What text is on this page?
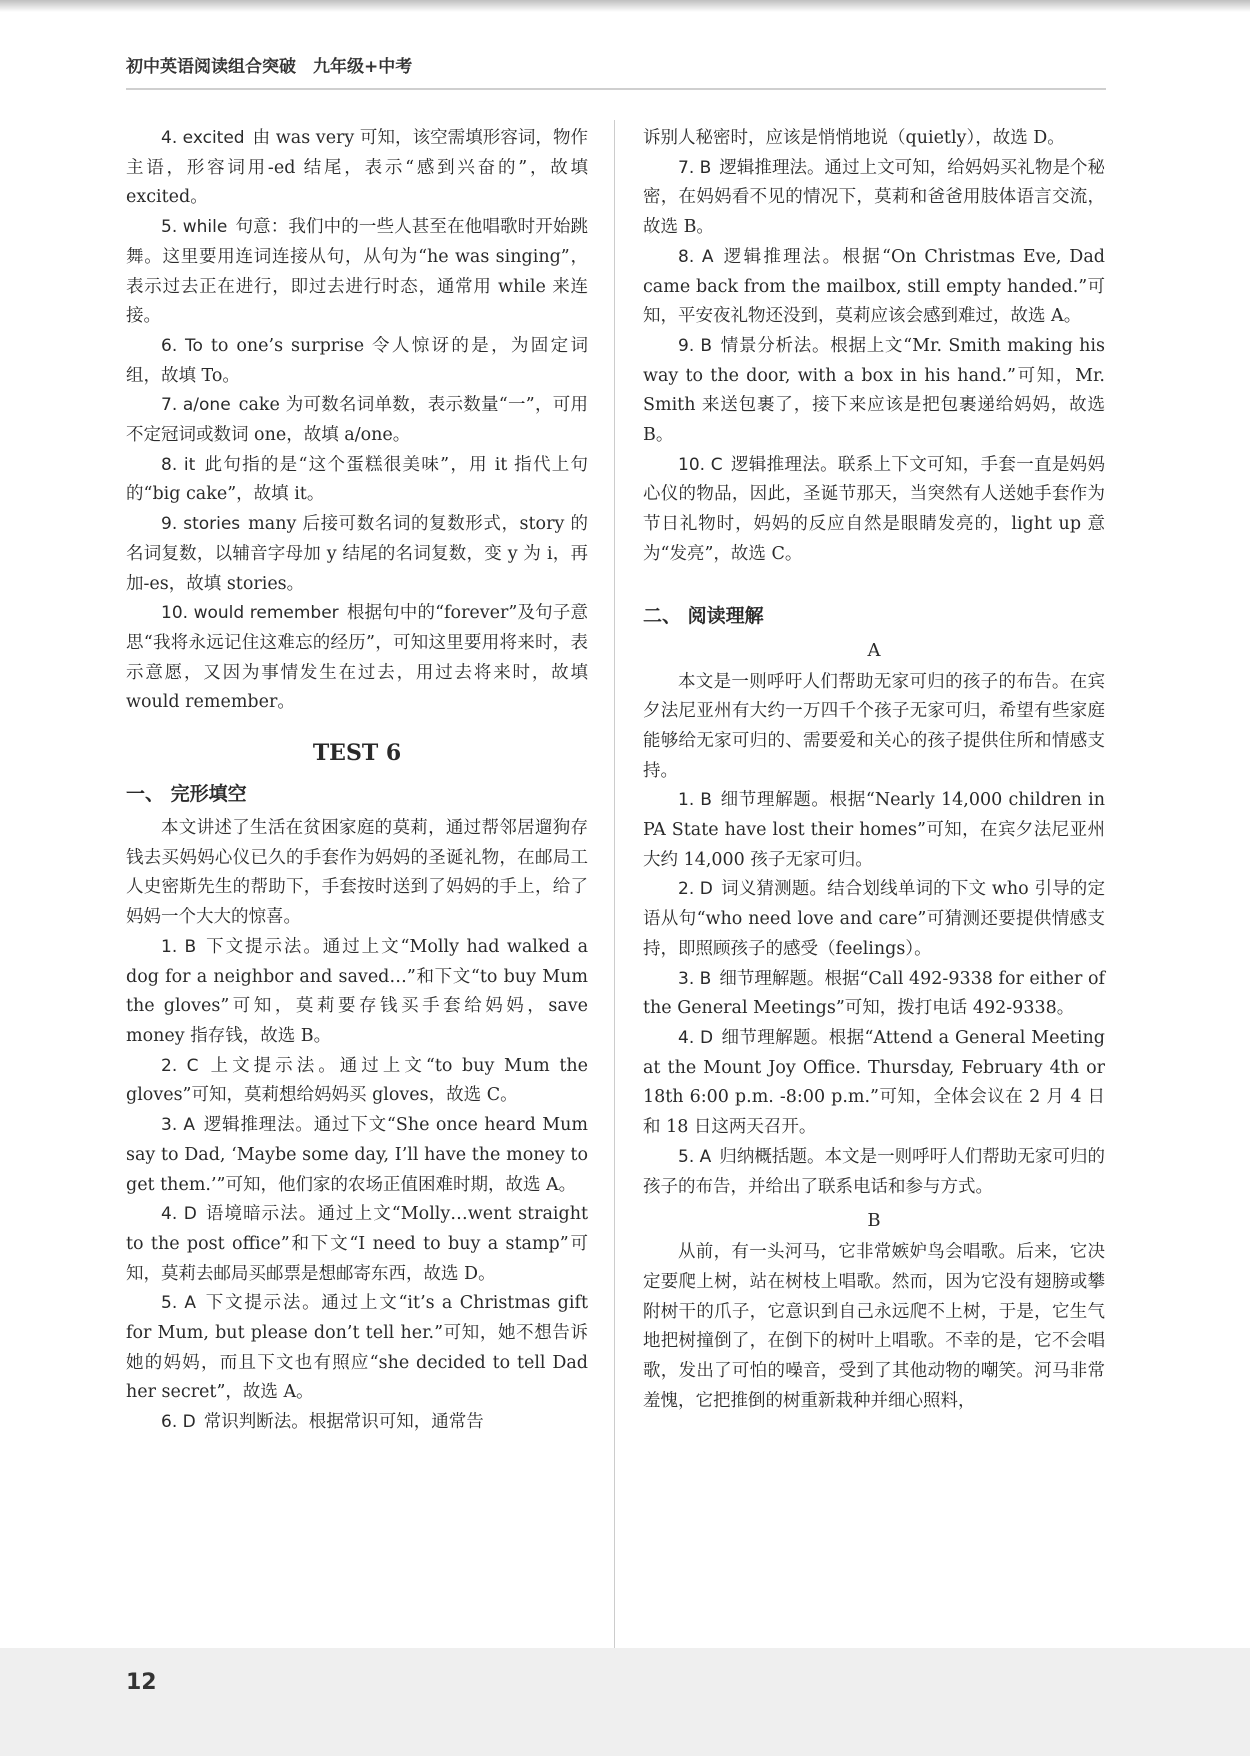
初中英语阅读组合突破　九年级+中考

4. excited 由 was very 可知，该空需填形容词，物作主语，形容词用-ed 结尾，表示“感到兴奋的”，故填 excited。

5. while 句意：我们中的一些人甚至在他唱歌时开始跳舞。这里要用连词连接从句，从句为“he was singing”，表示过去正在进行，即过去进行时态，通常用 while 来连接。

6. To to one’s surprise 令人惊讶的是，为固定词组，故填 To。

7. a/one cake 为可数名词单数，表示数量“一”，可用不定冠词或数词 one，故填 a/one。

8. it 此句指的是“这个蛋糕很美味”，用 it 指代上句的“big cake”，故填 it。

9. stories many 后接可数名词的复数形式，story 的名词复数，以辅音字母加 y 结尾的名词复数，变 y 为 i，再加-es，故填 stories。

10. would remember 根据句中的“forever”及句子意思“我将永远记住这难忘的经历”，可知这里要用将来时，表示意愿，又因为事情发生在过去，用过去将来时，故填 would remember。

TEST 6
一、 完形填空

本文讲述了生活在贫困家庭的莫莉，通过帮邻居遛狗存钱去买妈妈心仪已久的手套作为妈妈的圣诞礼物，在邮局工人史密斯先生的帮助下，手套按时送到了妈妈的手上，给了妈妈一个大大的惊喜。

1. B 下文提示法。通过上文“Molly had walked a dog for a neighbor and saved…”和下文“to buy Mum the gloves”可知，莫莉要存钱买手套给妈妈，save money 指存钱，故选 B。

2. C 上文提示法。通过上文“to buy Mum the gloves”可知，莫莉想给妈妈买 gloves，故选 C。

3. A 逻辑推理法。通过下文“She once heard Mum say to Dad, ‘Maybe some day, I’ll have the money to get them.’”可知，他们家的农场正值困难时期，故选 A。

4. D 语境暗示法。通过上文“Molly…went straight to the post office”和下文“I need to buy a stamp”可知，莫莉去邮局买邮票是想邮寄东西，故选 D。

5. A 下文提示法。通过上文“it’s a Christmas gift for Mum, but please don’t tell her.”可知，她不想告诉她的妈妈，而且下文也有照应“she decided to tell Dad her secret”，故选 A。

6. D 常识判断法。根据常识可知，通常告

诉别人秘密时，应该是悄悄地说（quietly），故选 D。

7. B 逻辑推理法。通过上文可知，给妈妈买礼物是个秘密，在妈妈看不见的情况下，莫莉和爸爸用肢体语言交流，故选 B。

8. A 逻辑推理法。根据“On Christmas Eve, Dad came back from the mailbox, still empty handed.”可知，平安夜礼物还没到，莫莉应该会感到难过，故选 A。

9. B 情景分析法。根据上文“Mr. Smith making his way to the door, with a box in his hand.”可知，Mr. Smith 来送包裹了，接下来应该是把包裹递给妈妈，故选 B。

10. C 逻辑推理法。联系上下文可知，手套一直是妈妈心仪的物品，因此，圣诞节那天，当突然有人送她手套作为节日礼物时，妈妈的反应自然是眼睛发亮的，light up 意为“发亮”，故选 C。

二、 阅读理解
A

本文是一则呼吁人们帮助无家可归的孩子的布告。在宾夕法尼亚州有大约一万四千个孩子无家可归，希望有些家庭能够给无家可归的、需要爱和关心的孩子提供住所和情感支持。

1. B 细节理解题。根据“Nearly 14,000 children in PA State have lost their homes”可知，在宾夕法尼亚州大约 14,000 孩子无家可归。

2. D 词义猜测题。结合划线单词的下文 who 引导的定语从句“who need love and care”可猜测还要提供情感支持，即照顾孩子的感受（feelings）。

3. B 细节理解题。根据“Call 492-9338 for either of the General Meetings”可知，拨打电话 492-9338。

4. D 细节理解题。根据“Attend a General Meeting at the Mount Joy Office. Thursday, February 4th or 18th 6:00 p.m. -8:00 p.m.”可知，全体会议在 2 月 4 日和 18 日这两天召开。

5. A 归纳概括题。本文是一则呼吁人们帮助无家可归的孩子的布告，并给出了联系电话和参与方式。

B

从前，有一头河马，它非常嫉妒鸟会唱歌。后来，它决定要爬上树，站在树枝上唱歌。然而，因为它没有翅膀或攀附树干的爪子，它意识到自己永远爬不上树，于是，它生气地把树撞倒了，在倒下的树叶上唱歌。不幸的是，它不会唱歌，发出了可怕的噪音，受到了其他动物的嘲笑。河马非常羞愧，它把推倒的树重新栽种并细心照料，

12
